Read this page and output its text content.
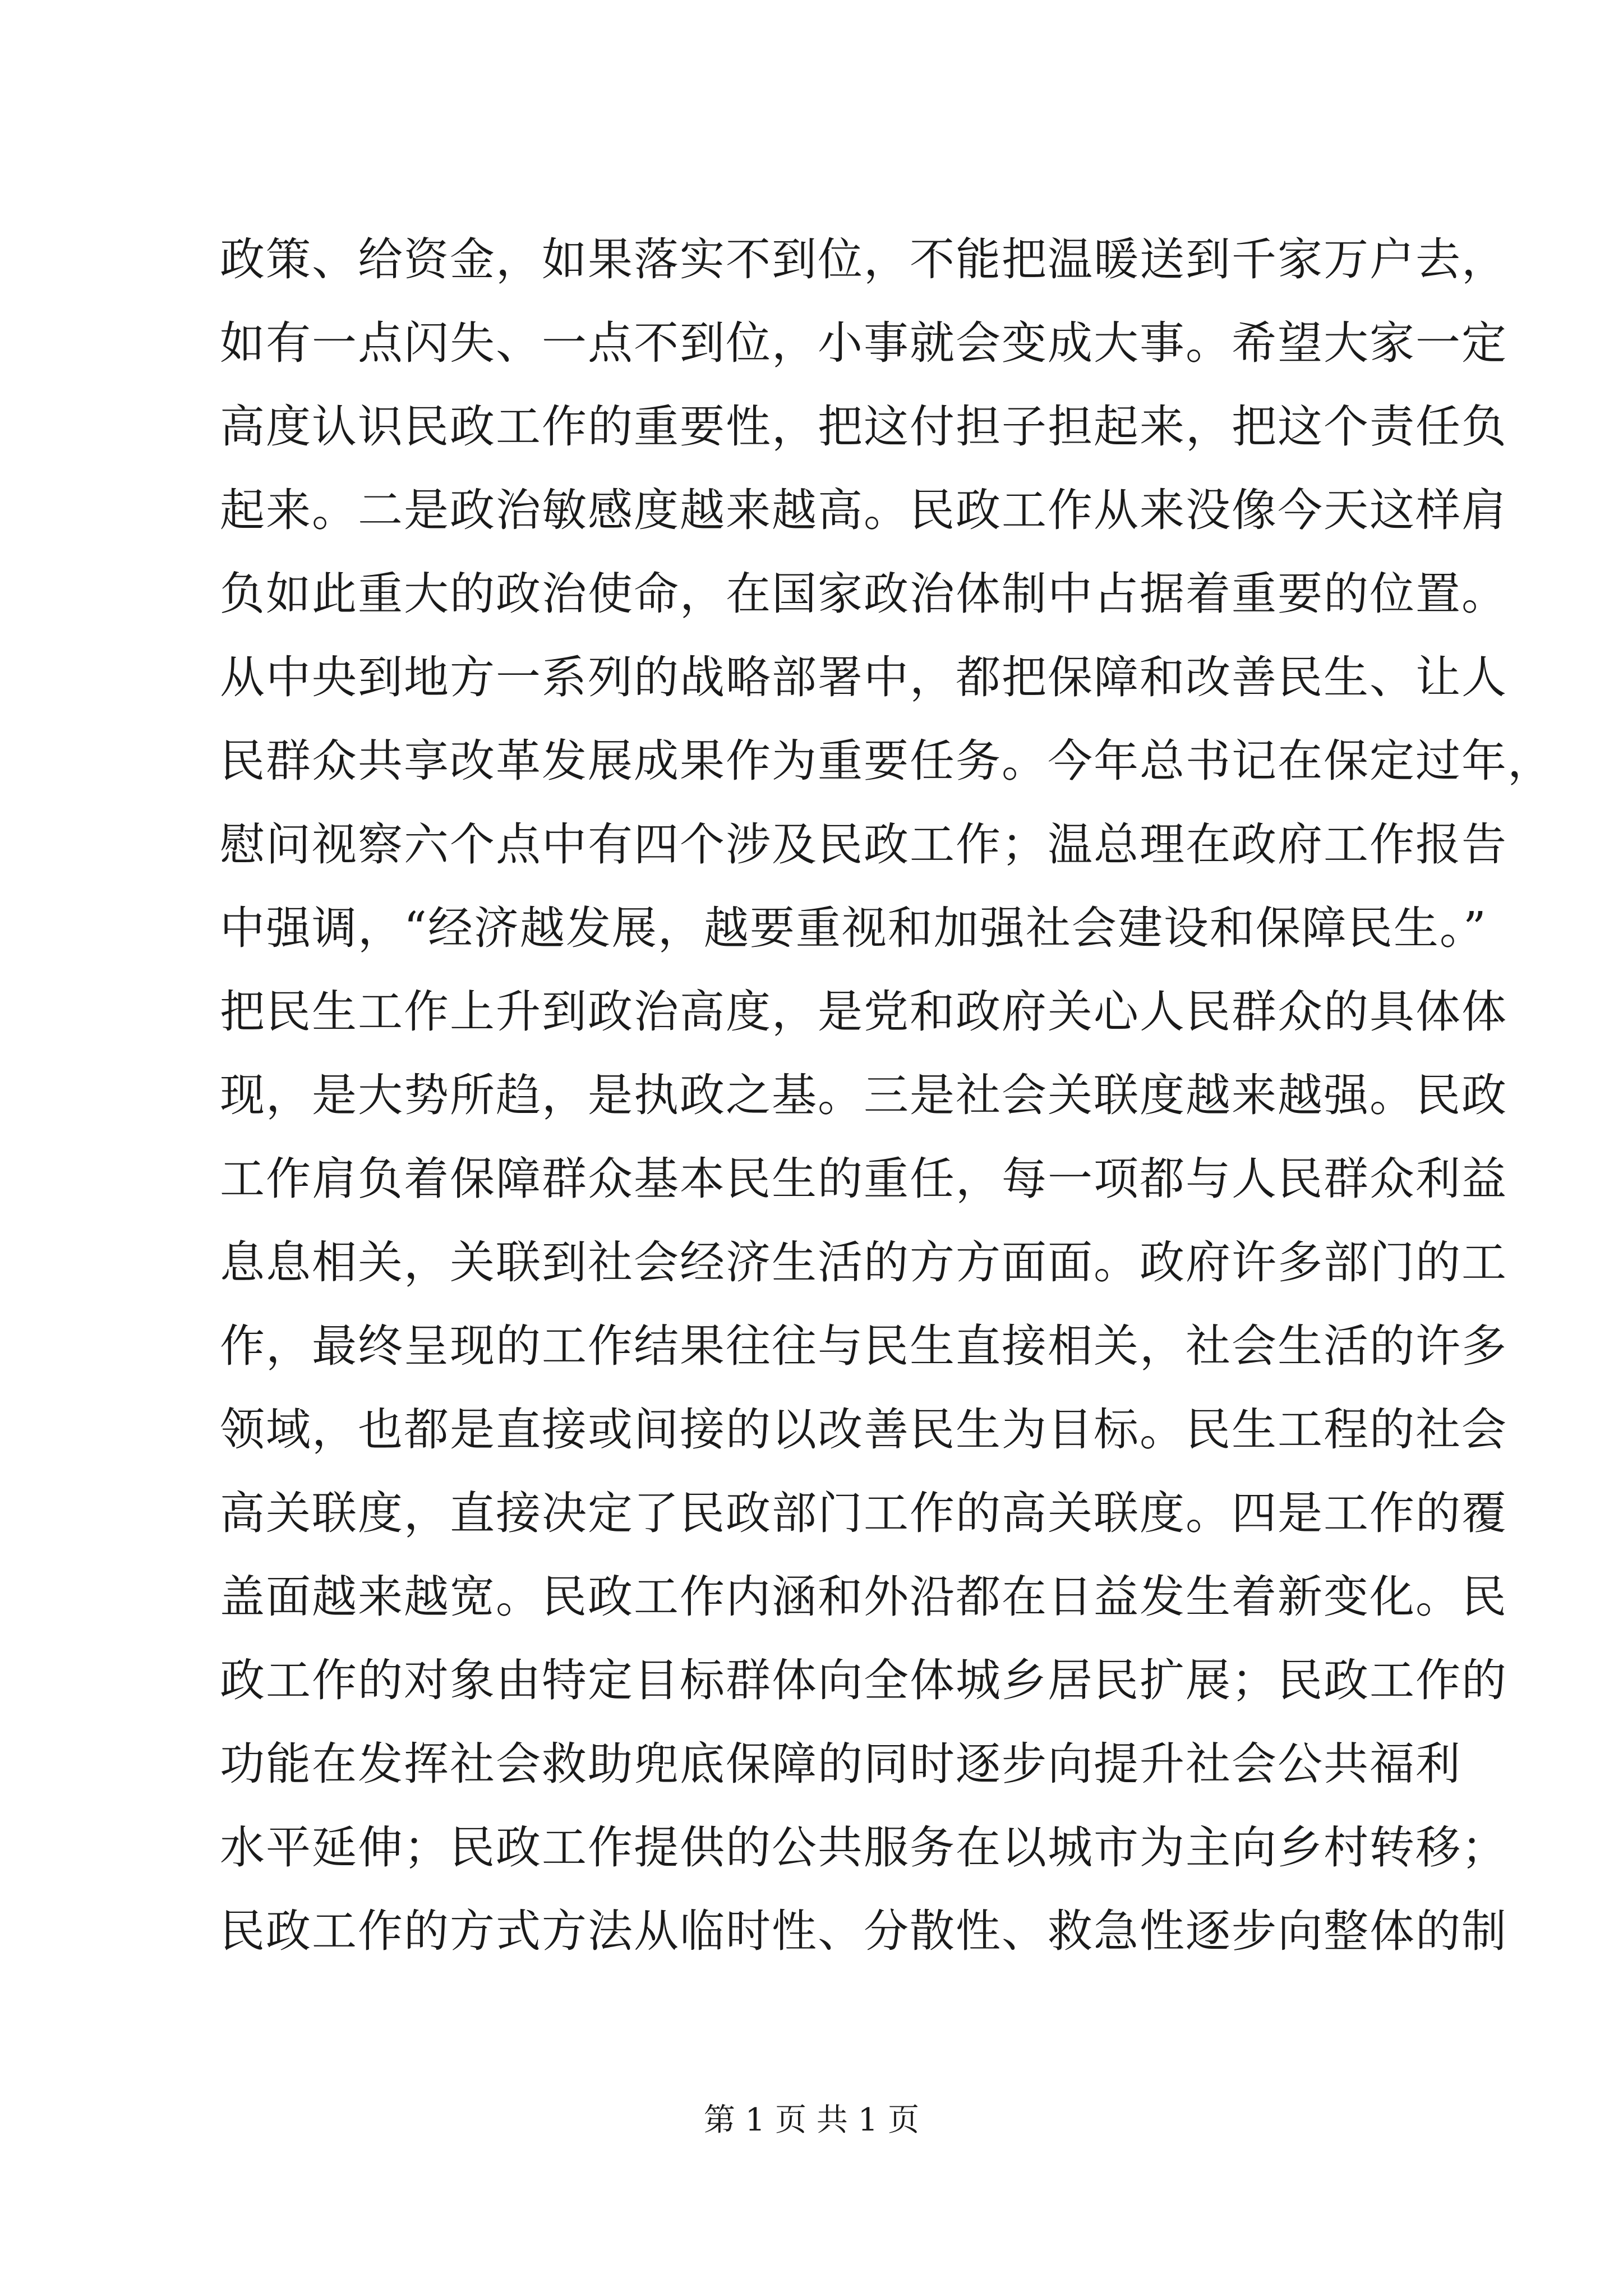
政策、给资金，如果落实不到位，不能把温暖送到千家万户去，
如有一点闪失、一点不到位，小事就会变成大事。希望大家一定
高度认识民政工作的重要性，把这付担子担起来，把这个责任负
起来。二是政治敏感度越来越高。民政工作从来没像今天这样肩
负如此重大的政治使命，在国家政治体制中占据着重要的位置。
从中央到地方一系列的战略部署中，都把保障和改善民生、让人
民群众共享改革发展成果作为重要任务。今年总书记在保定过年，
慰问视察六个点中有四个涉及民政工作；温总理在政府工作报告
中强调，“经济越发展，越要重视和加强社会建设和保障民生。”
把民生工作上升到政治高度，是党和政府关心人民群众的具体体
现，是大势所趋，是执政之基。三是社会关联度越来越强。民政
工作肩负着保障群众基本民生的重任，每一项都与人民群众利益
息息相关，关联到社会经济生活的方方面面。政府许多部门的工
作，最终呈现的工作结果往往与民生直接相关，社会生活的许多
领域，也都是直接或间接的以改善民生为目标。民生工程的社会
高关联度，直接决定了民政部门工作的高关联度。四是工作的覆
盖面越来越宽。民政工作内涵和外沿都在日益发生着新变化。民
政工作的对象由特定目标群体向全体城乡居民扩展；民政工作的
功能在发挥社会救助兜底保障的同时逐步向提升社会公共福利
水平延伸；民政工作提供的公共服务在以城市为主向乡村转移；
民政工作的方式方法从临时性、分散性、救急性逐步向整体的制
第 1 页 共 1 页
